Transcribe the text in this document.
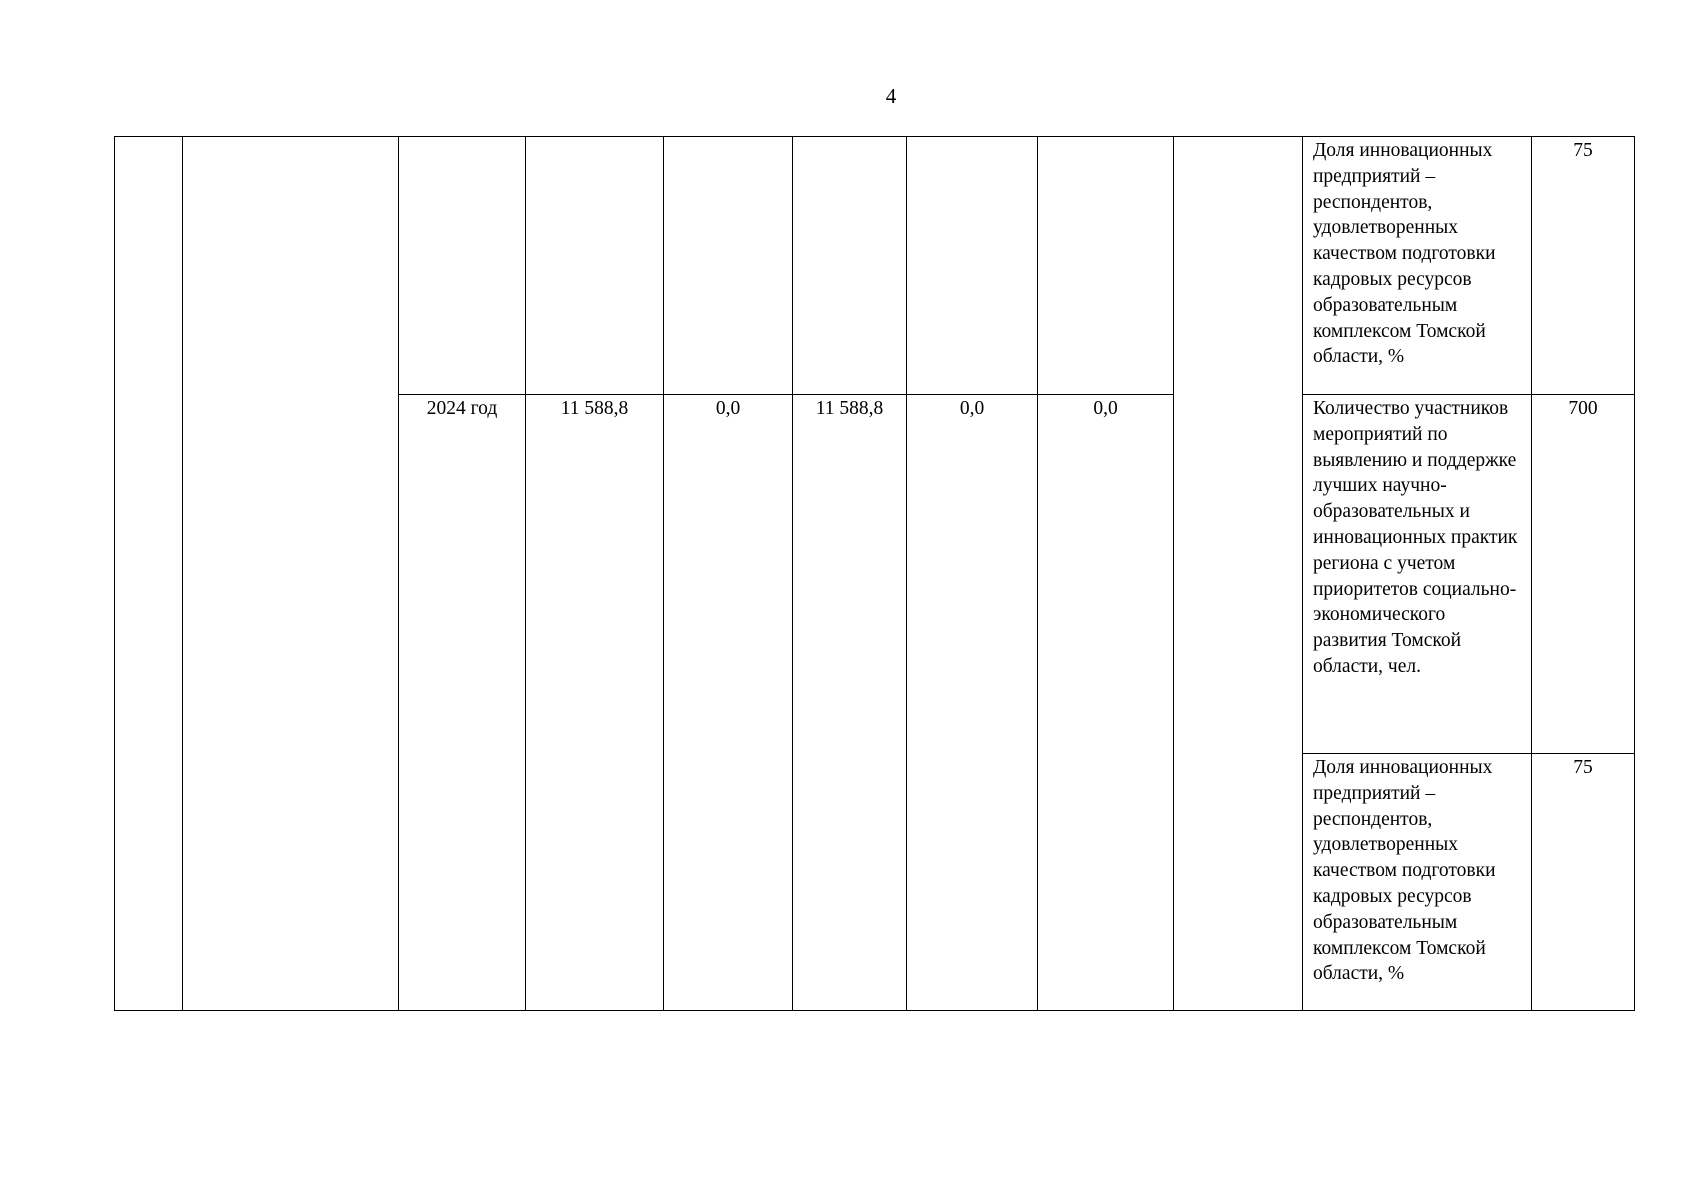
4
									Доля инновационных предприятий – респондентов, удовлетворенных качеством подготовки кадровых ресурсов образовательным комплексом Томской области, %	75
		2024 год	11 588,8	0,0	11 588,8	0,0	0,0		Количество участников мероприятий по выявлению и поддержке лучших научно-образовательных и инновационных практик региона с учетом приоритетов социально-экономического развития Томской области, чел.	700
									Доля инновационных предприятий – респондентов, удовлетворенных качеством подготовки кадровых ресурсов образовательным комплексом Томской области, %	75
